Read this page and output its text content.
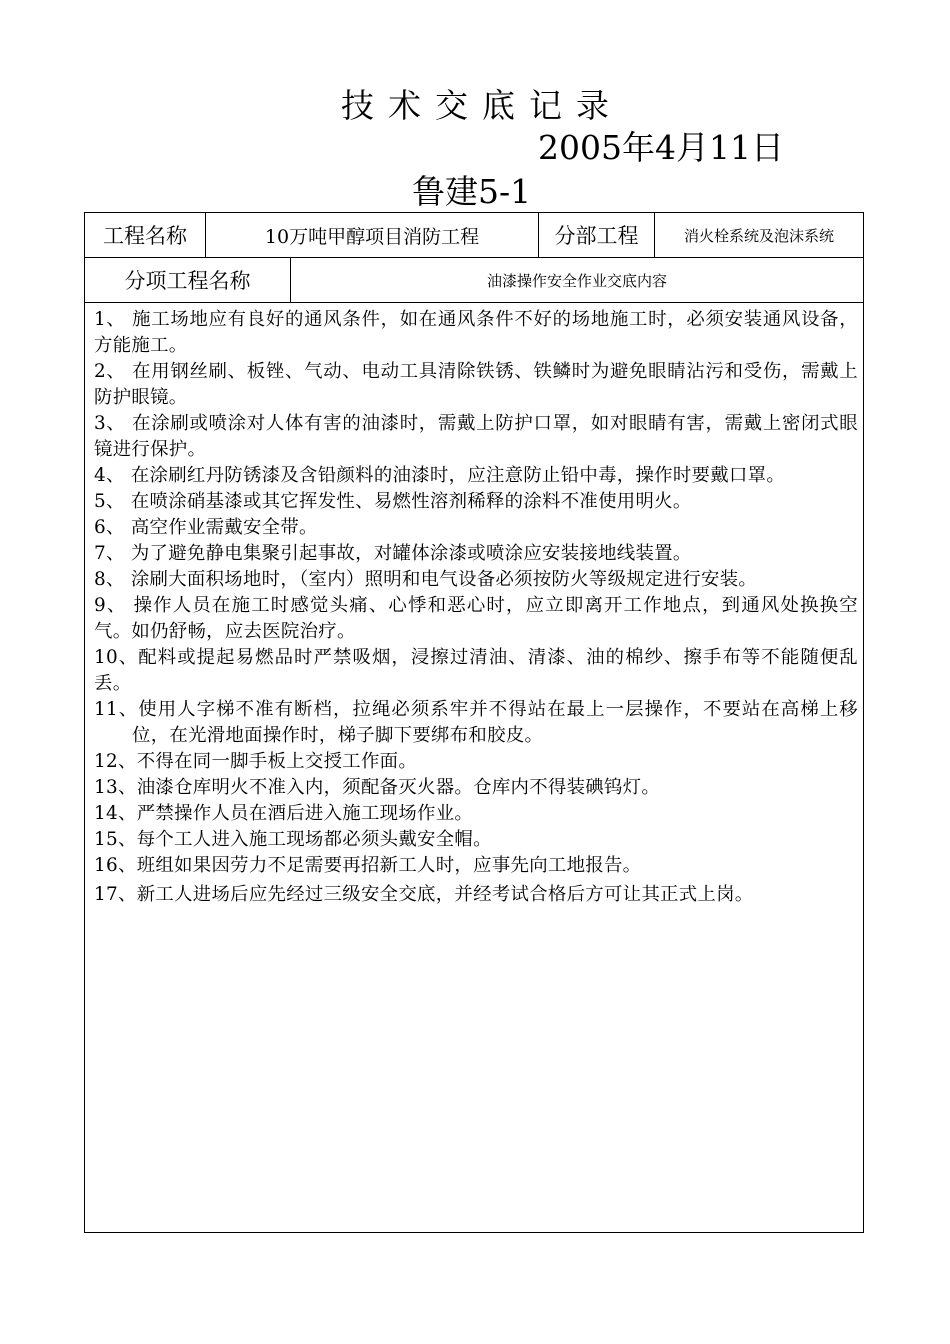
技术交底记录
2005年4月11日
鲁建5-1
工程名称	10万吨甲醇项目消防工程	分部工程	消火栓系统及泡沫系统
分项工程名称	油漆操作安全作业交底内容

1、 施工场地应有良好的通风条件，如在通风条件不好的场地施工时，必须安装通风设备，方能施工。

2、 在用钢丝刷、板锉、气动、电动工具清除铁锈、铁鳞时为避免眼睛沾污和受伤，需戴上防护眼镜。

3、 在涂刷或喷涂对人体有害的油漆时，需戴上防护口罩，如对眼睛有害，需戴上密闭式眼镜进行保护。

4、 在涂刷红丹防锈漆及含铅颜料的油漆时，应注意防止铅中毒，操作时要戴口罩。

5、 在喷涂硝基漆或其它挥发性、易燃性溶剂稀释的涂料不准使用明火。

6、 高空作业需戴安全带。

7、 为了避免静电集聚引起事故，对罐体涂漆或喷涂应安装接地线装置。

8、 涂刷大面积场地时，（室内）照明和电气设备必须按防火等级规定进行安装。

9、 操作人员在施工时感觉头痛、心悸和恶心时，应立即离开工作地点，到通风处换换空气。如仍舒畅，应去医院治疗。

10、配料或提起易燃品时严禁吸烟，浸擦过清油、清漆、油的棉纱、擦手布等不能随便乱丢。

11、使用人字梯不准有断档，拉绳必须系牢并不得站在最上一层操作，不要站在高梯上移位，在光滑地面操作时，梯子脚下要绑布和胶皮。

12、不得在同一脚手板上交授工作面。

13、油漆仓库明火不准入内，须配备灭火器。仓库内不得装碘钨灯。

14、严禁操作人员在酒后进入施工现场作业。

15、每个工人进入施工现场都必须头戴安全帽。

16、班组如果因劳力不足需要再招新工人时，应事先向工地报告。

17、新工人进场后应先经过三级安全交底，并经考试合格后方可让其正式上岗。
